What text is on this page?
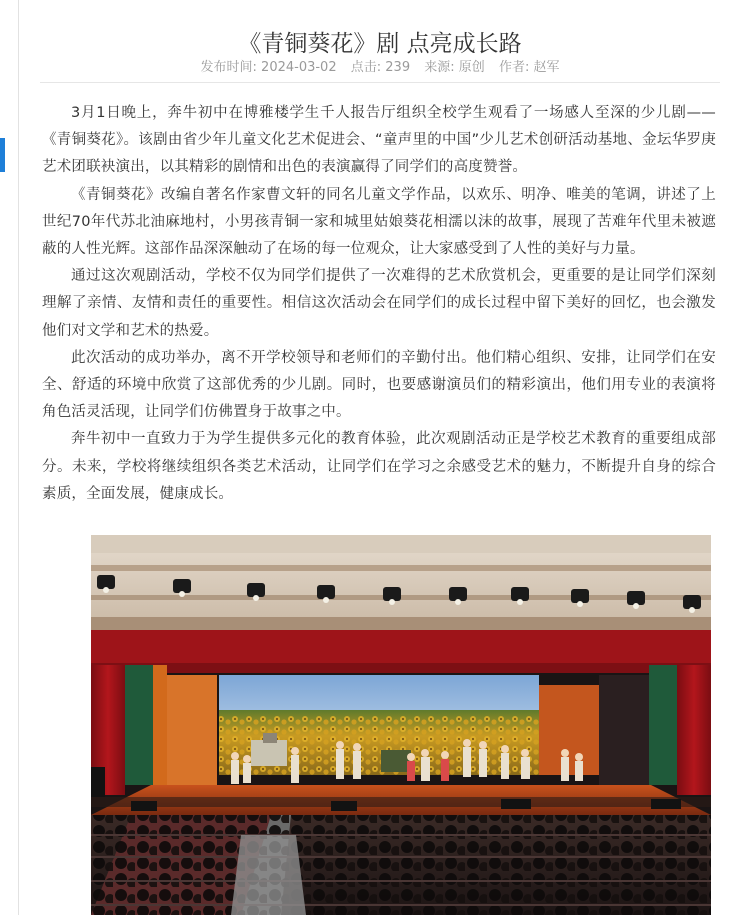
《青铜葵花》剧 点亮成长路
发布时间: 2024-03-02 点击: 239 来源: 原创 作者: 赵军

3月1日晚上，奔牛初中在博雅楼学生千人报告厅组织全校学生观看了一场感人至深的少儿剧——《青铜葵花》。该剧由省少年儿童文化艺术促进会、“童声里的中国”少儿艺术创研活动基地、金坛华罗庚艺术团联袂演出，以其精彩的剧情和出色的表演赢得了同学们的高度赞誉。

《青铜葵花》改编自著名作家曹文轩的同名儿童文学作品，以欢乐、明净、唯美的笔调，讲述了上世纪70年代苏北油麻地村，小男孩青铜一家和城里姑娘葵花相濡以沫的故事，展现了苦难年代里未被遮蔽的人性光辉。这部作品深深触动了在场的每一位观众，让大家感受到了人性的美好与力量。

通过这次观剧活动，学校不仅为同学们提供了一次难得的艺术欣赏机会，更重要的是让同学们深刻理解了亲情、友情和责任的重要性。相信这次活动会在同学们的成长过程中留下美好的回忆，也会激发他们对文学和艺术的热爱。

此次活动的成功举办，离不开学校领导和老师们的辛勤付出。他们精心组织、安排，让同学们在安全、舒适的环境中欣赏了这部优秀的少儿剧。同时，也要感谢演员们的精彩演出，他们用专业的表演将角色活灵活现，让同学们仿佛置身于故事之中。

奔牛初中一直致力于为学生提供多元化的教育体验，此次观剧活动正是学校艺术教育的重要组成部分。未来，学校将继续组织各类艺术活动，让同学们在学习之余感受艺术的魅力，不断提升自身的综合素质，全面发展，健康成长。
